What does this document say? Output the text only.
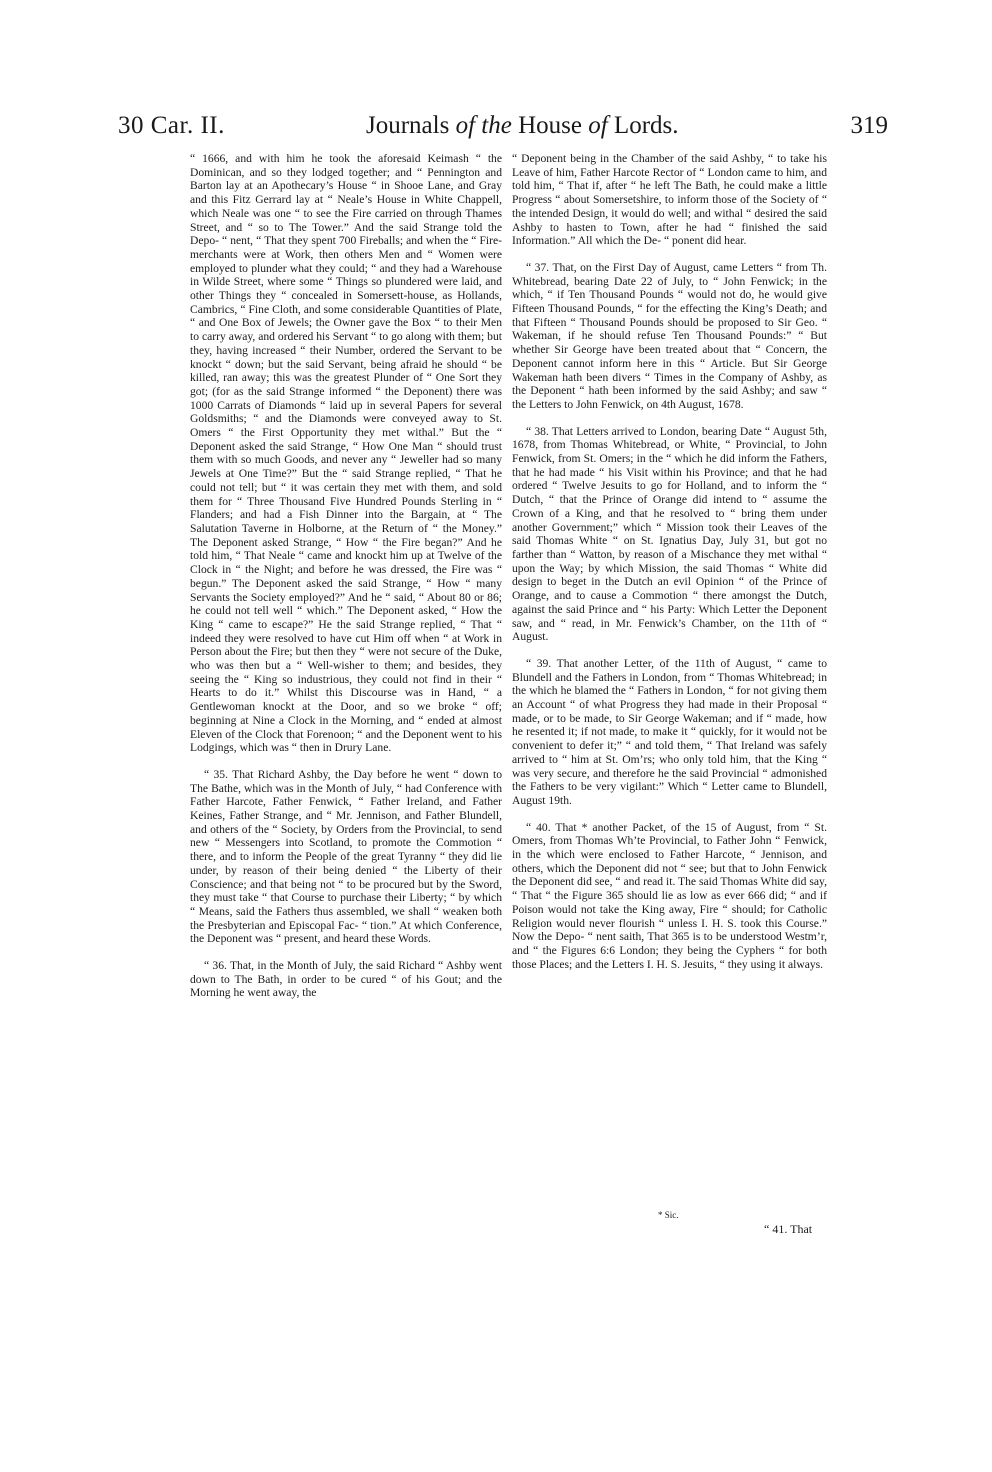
30 Car. II.	Journals of the House of Lords.	319

“ 1666, and with him he took the aforesaid Keimash “ the Dominican, and so they lodged together; and “ Pennington and Barton lay at an Apothecary’s House “ in Shooe Lane, and Gray and this Fitz Gerrard lay at “ Neale’s House in White Chappell, which Neale was one “ to see the Fire carried on through Thames Street, and “ so to The Tower.” And the said Strange told the Depo- “ nent, “ That they spent 700 Fireballs; and when the “ Fire-merchants were at Work, then others Men and “ Women were employed to plunder what they could; “ and they had a Warehouse in Wilde Street, where some “ Things so plundered were laid, and other Things they “ concealed in Somersett-house, as Hollands, Cambrics, “ Fine Cloth, and some considerable Quantities of Plate, “ and One Box of Jewels; the Owner gave the Box “ to their Men to carry away, and ordered his Servant “ to go along with them; but they, having increased “ their Number, ordered the Servant to be knockt “ down; but the said Servant, being afraid he should “ be killed, ran away; this was the greatest Plunder of “ One Sort they got; (for as the said Strange informed “ the Deponent) there was 1000 Carrats of Diamonds “ laid up in several Papers for several Goldsmiths; “ and the Diamonds were conveyed away to St. Omers “ the First Opportunity they met withal.” But the “ Deponent asked the said Strange, “ How One Man “ should trust them with so much Goods, and never any “ Jeweller had so many Jewels at One Time?” But the “ said Strange replied, “ That he could not tell; but “ it was certain they met with them, and sold them for “ Three Thousand Five Hundred Pounds Sterling in “ Flanders; and had a Fish Dinner into the Bargain, at “ The Salutation Taverne in Holborne, at the Return of “ the Money.” The Deponent asked Strange, “ How “ the Fire began?” And he told him, “ That Neale “ came and knockt him up at Twelve of the Clock in “ the Night; and before he was dressed, the Fire was “ begun.” The Deponent asked the said Strange, “ How “ many Servants the Society employed?” And he “ said, “ About 80 or 86; he could not tell well “ which.” The Deponent asked, “ How the King “ came to escape?” He the said Strange replied, “ That “ indeed they were resolved to have cut Him off when “ at Work in Person about the Fire; but then they “ were not secure of the Duke, who was then but a “ Well-wisher to them; and besides, they seeing the “ King so industrious, they could not find in their “ Hearts to do it.” Whilst this Discourse was in Hand, “ a Gentlewoman knockt at the Door, and so we broke “ off; beginning at Nine a Clock in the Morning, and “ ended at almost Eleven of the Clock that Forenoon; “ and the Deponent went to his Lodgings, which was “ then in Drury Lane.

“ 35. That Richard Ashby, the Day before he went “ down to The Bathe, which was in the Month of July, “ had Conference with Father Harcote, Father Fenwick, “ Father Ireland, and Father Keines, Father Strange, and “ Mr. Jennison, and Father Blundell, and others of the “ Society, by Orders from the Provincial, to send new “ Messengers into Scotland, to promote the Commotion “ there, and to inform the People of the great Tyranny “ they did lie under, by reason of their being denied “ the Liberty of their Conscience; and that being not “ to be procured but by the Sword, they must take “ that Course to purchase their Liberty; “ by which “ Means, said the Fathers thus assembled, we shall “ weaken both the Presbyterian and Episcopal Fac- “ tion.” At which Conference, the Deponent was “ present, and heard these Words.

“ 36. That, in the Month of July, the said Richard “ Ashby went down to The Bath, in order to be cured “ of his Gout; and the Morning he went away, the

“ Deponent being in the Chamber of the said Ashby, “ to take his Leave of him, Father Harcote Rector of “ London came to him, and told him, “ That if, after “ he left The Bath, he could make a little Progress “ about Somersetshire, to inform those of the Society of “ the intended Design, it would do well; and withal “ desired the said Ashby to hasten to Town, after he had “ finished the said Information.” All which the De- “ ponent did hear.

“ 37. That, on the First Day of August, came Letters “ from Th. Whitebread, bearing Date 22 of July, to “ John Fenwick; in the which, “ if Ten Thousand Pounds “ would not do, he would give Fifteen Thousand Pounds, “ for the effecting the King’s Death; and that Fifteen “ Thousand Pounds should be proposed to Sir Geo. “ Wakeman, if he should refuse Ten Thousand Pounds:” “ But whether Sir George have been treated about that “ Concern, the Deponent cannot inform here in this “ Article. But Sir George Wakeman hath been divers “ Times in the Company of Ashby, as the Deponent “ hath been informed by the said Ashby; and saw “ the Letters to John Fenwick, on 4th August, 1678.

“ 38. That Letters arrived to London, bearing Date “ August 5th, 1678, from Thomas Whitebread, or White, “ Provincial, to John Fenwick, from St. Omers; in the “ which he did inform the Fathers, that he had made “ his Visit within his Province; and that he had ordered “ Twelve Jesuits to go for Holland, and to inform the “ Dutch, “ that the Prince of Orange did intend to “ assume the Crown of a King, and that he resolved to “ bring them under another Government;” which “ Mission took their Leaves of the said Thomas White “ on St. Ignatius Day, July 31, but got no farther than “ Watton, by reason of a Mischance they met withal “ upon the Way; by which Mission, the said Thomas “ White did design to beget in the Dutch an evil Opinion “ of the Prince of Orange, and to cause a Commotion “ there amongst the Dutch, against the said Prince and “ his Party: Which Letter the Deponent saw, and “ read, in Mr. Fenwick’s Chamber, on the 11th of “ August.

“ 39. That another Letter, of the 11th of August, “ came to Blundell and the Fathers in London, from “ Thomas Whitebread; in the which he blamed the “ Fathers in London, “ for not giving them an Account “ of what Progress they had made in their Proposal “ made, or to be made, to Sir George Wakeman; and if “ made, how he resented it; if not made, to make it “ quickly, for it would not be convenient to defer it;” “ and told them, “ That Ireland was safely arrived to “ him at St. Om’rs; who only told him, that the King “ was very secure, and therefore he the said Provincial “ admonished the Fathers to be very vigilant:” Which “ Letter came to Blundell, August 19th.

“ 40. That * another Packet, of the 15 of August, from “ St. Omers, from Thomas Wh’te Provincial, to Father John “ Fenwick, in the which were enclosed to Father Harcote, “ Jennison, and others, which the Deponent did not “ see; but that to John Fenwick the Deponent did see, “ and read it. The said Thomas White did say, “ That “ the Figure 365 should lie as low as ever 666 did; “ and if Poison would not take the King away, Fire “ should; for Catholic Religion would never flourish “ unless I. H. S. took this Course.” Now the Depo- “ nent saith, That 365 is to be understood Westm’r, and “ the Figures 6:6 London; they being the Cyphers “ for both those Places; and the Letters I. H. S. Jesuits, “ they using it always.

* Sic.
“ 41. That
